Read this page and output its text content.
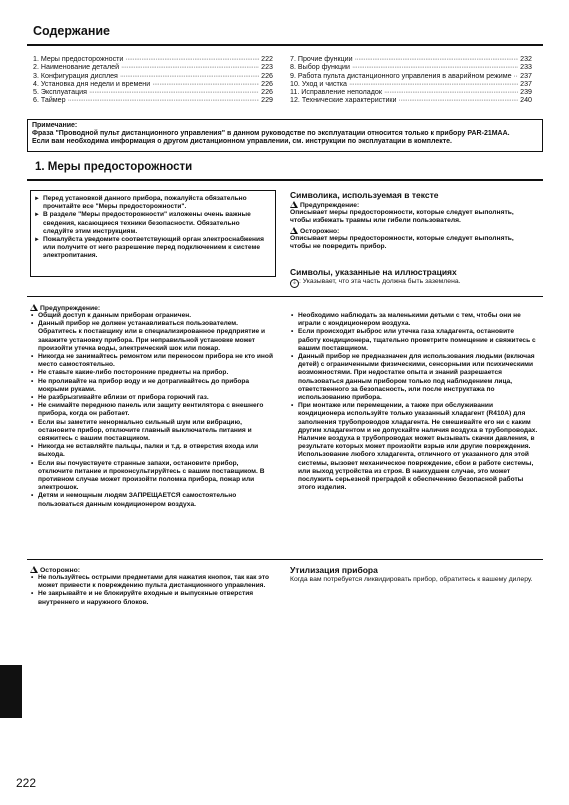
Содержание
1. Меры предосторожности ·····	222
2. Наименование деталей ·····	223
3. Конфигурация дисплея ·····	226
4. Установка дня недели и времени ·····	226
5. Эксплуатация ·····	226
6. Таймер ·····	229
7. Прочие функции ·····	232
8. Выбор функции ·····	233
9. Работа пульта дистанционного управления в аварийном режиме ····· 237
10. Уход и чистка ·····	237
11. Исправление неполадок ·····	239
12. Технические характеристики ·····	240
Примечание:
Фраза "Проводной пульт дистанционного управления" в данном руководстве по эксплуатации относится только к прибору PAR-21MAA.
Если вам необходима информация о другом дистанционном управлении, см. инструкции по эксплуатации в комплекте.
1. Меры предосторожности
► Перед установкой данного прибора, пожалуйста обязательно прочитайте все "Меры предосторожности".
► В разделе "Меры предосторожности" изложены очень важные сведения, касающиеся техники безопасности. Обязательно следуйте этим инструкциям.
► Пожалуйста уведомите соответствующий орган электроснабжения или получите от него разрешение перед подключением к системе электропитания.
Символика, используемая в тексте
Предупреждение:
Описывает меры предосторожности, которые следует выполнять, чтобы избежать травмы или гибели пользователя.
Осторожно:
Описывает меры предосторожности, которые следует выполнять, чтобы не повредить прибор.
Символы, указанные на иллюстрациях
⏚ : Указывает, что эта часть должна быть заземлена.
Предупреждение:
• Общий доступ к данным приборам ограничен.
• Данный прибор не должен устанавливаться пользователем. Обратитесь к поставщику или в специализированное предприятие и закажите установку прибора. При неправильной установке может произойти утечка воды, электрический шок или пожар.
• Никогда не занимайтесь ремонтом или переносом прибора не кто иной место самостоятельно.
• Не ставьте какие-либо посторонние предметы на прибор.
• Не проливайте на прибор воду и не дотрагивайтесь до прибора мокрыми руками.
• Не разбрызгивайте вблизи от прибора горючий газ.
• Не снимайте переднюю панель или защиту вентилятора с внешнего прибора, когда он работает.
• Если вы заметите ненормально сильный шум или вибрацию, остановите прибор, отключите главный выключатель питания и свяжитесь с вашим поставщиком.
• Никогда не вставляйте пальцы, палки и т.д. в отверстия входа или выхода.
• Если вы почувствуете странные запахи, остановите прибор, отключите питание и проконсультируйтесь с вашим поставщиком. В противном случае может произойти поломка прибора, пожар или электрошок.
• Детям и немощным людям ЗАПРЕЩАЕТСЯ самостоятельно пользоваться данным кондиционером воздуха.
• Необходимо наблюдать за маленькими детьми с тем, чтобы они не играли с кондиционером воздуха.
• Если происходит выброс или утечка газа хладагента, остановите работу кондиционера, тщательно проветрите помещение и свяжитесь с вашим поставщиком.
• Данный прибор не предназначен для использования людьми (включая детей) с ограниченными физическими, сенсорными или психическими возможностями. При недостатке опыта и знаний разрешается пользоваться данным прибором только под наблюдением лица, ответственного за безопасность, или после инструктажа по использованию прибора.
• При монтаже или перемещении, а также при обслуживании кондиционера используйте только указанный хладагент (R410A) для заполнения трубопроводов хладагента. Не смешивайте его ни с каким другим хладагентом и не допускайте наличия воздуха в трубопроводах. Наличие воздуха в трубопроводах может вызывать скачки давления, в результате которых может произойти взрыв или другие повреждения. Использование любого хладагента, отличного от указанного для этой системы, вызовет механическое повреждение, сбои в работе системы, или выход устройства из строя. В наихудшем случае, это может послужить серьезной преградой к обеспечению безопасной работы этого изделия.
Осторожно:
• Не пользуйтесь острыми предметами для нажатия кнопок, так как это может привести к повреждению пульта дистанционного управления.
• Не закрывайте и не блокируйте входные и выпускные отверстия внутреннего и наружного блоков.
Утилизация прибора
Когда вам потребуется ликвидировать прибор, обратитесь к вашему дилеру.
222
